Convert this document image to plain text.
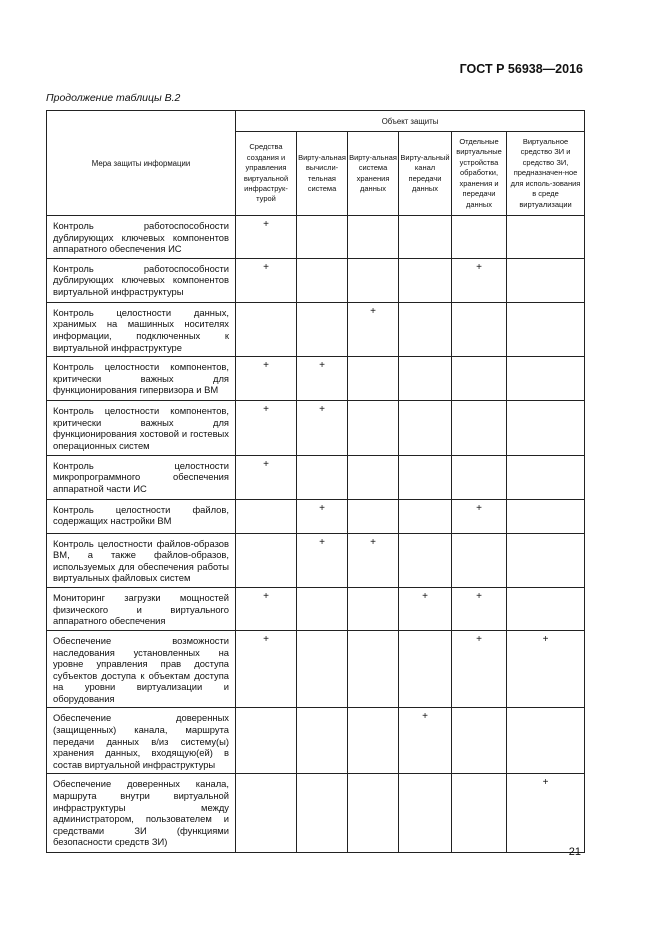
ГОСТ Р 56938—2016
Продолжение таблицы В.2
Мера защиты информации	Объект защиты					
	Средства создания и управления виртуальной инфраструк-турой	Вирту-альная вычисли-тельная система	Вирту-альная система хранения данных	Вирту-альный канал передачи данных	Отдельные виртуальные устройства обработки, хранения и передачи данных	Виртуальное средство ЗИ и средство ЗИ, предназначен-ное для исполь-зования в среде виртуализации
Контроль работоспособности дублирующих ключевых компонентов аппаратного обеспечения ИС	+					
Контроль работоспособности дублирующих ключевых компонентов виртуальной инфраструктуры	+				+	
Контроль целостности данных, хранимых на машинных носителях информации, подключенных к виртуальной инфраструктуре			+			
Контроль целостности компонентов, критически важных для функционирования гипервизора и ВМ	+	+				
Контроль целостности компонентов, критически важных для функционирования хостовой и гостевых операционных систем	+	+				
Контроль целостности микропрограммного обеспечения аппаратной части ИС	+					
Контроль целостности файлов, содержащих настройки ВМ		+			+	
Контроль целостности файлов-образов ВМ, а также файлов-образов, используемых для обеспечения работы виртуальных файловых систем		+	+			
Мониторинг загрузки мощностей физического и виртуального аппаратного обеспечения	+			+	+	
Обеспечение возможности наследования установленных на уровне управления прав доступа субъектов доступа к объектам доступа на уровни виртуализации и оборудования	+				+	+
Обеспечение доверенных (защищенных) канала, маршрута передачи данных в/из систему(ы) хранения данных, входящую(ей) в состав виртуальной инфраструктуры				+		
Обеспечение доверенных канала, маршрута внутри виртуальной инфраструктуры между администратором, пользователем и средствами ЗИ (функциями безопасности средств ЗИ)						+
21
